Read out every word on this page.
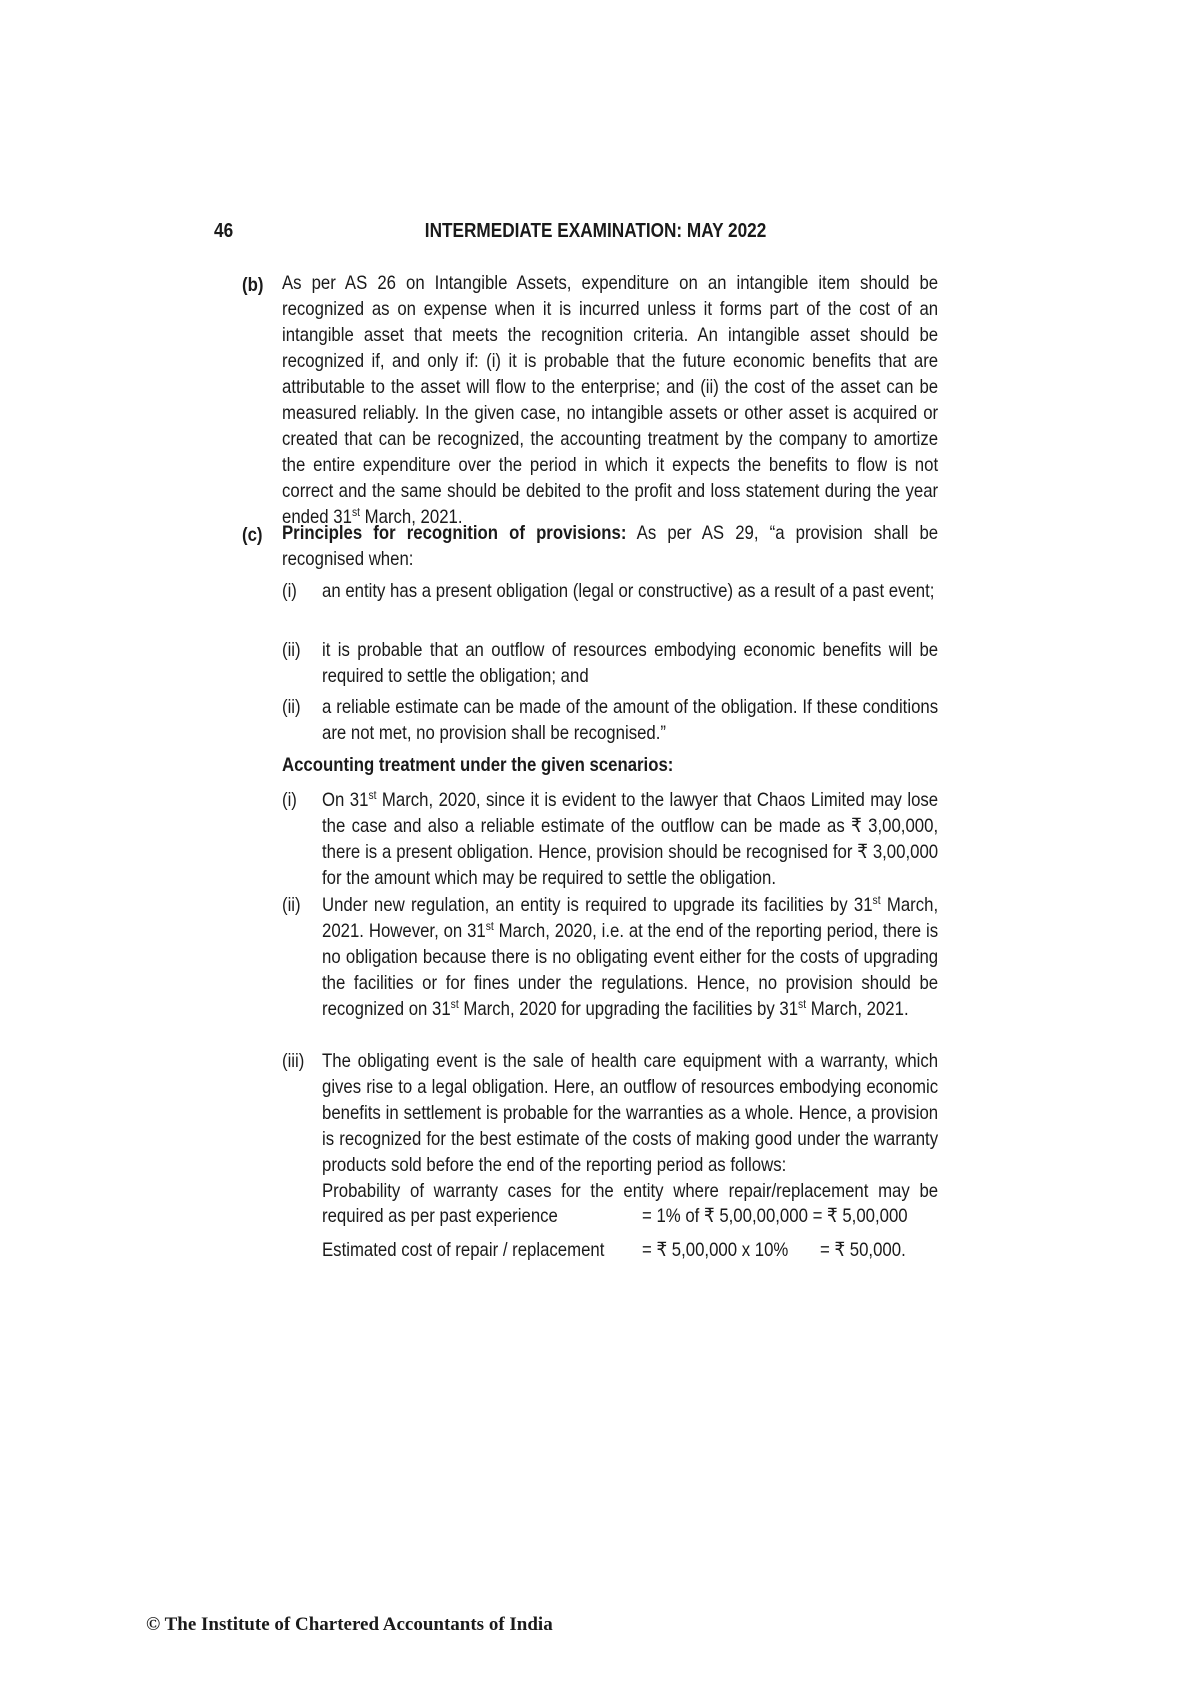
46	INTERMEDIATE EXAMINATION: MAY 2022
(b) As per AS 26 on Intangible Assets, expenditure on an intangible item should be recognized as on expense when it is incurred unless it forms part of the cost of an intangible asset that meets the recognition criteria. An intangible asset should be recognized if, and only if: (i) it is probable that the future economic benefits that are attributable to the asset will flow to the enterprise; and (ii) the cost of the asset can be measured reliably. In the given case, no intangible assets or other asset is acquired or created that can be recognized, the accounting treatment by the company to amortize the entire expenditure over the period in which it expects the benefits to flow is not correct and the same should be debited to the profit and loss statement during the year ended 31st March, 2021.
(c) Principles for recognition of provisions: As per AS 29, “a provision shall be recognised when:
(i) an entity has a present obligation (legal or constructive) as a result of a past event;
(ii) it is probable that an outflow of resources embodying economic benefits will be required to settle the obligation; and
(ii) a reliable estimate can be made of the amount of the obligation. If these conditions are not met, no provision shall be recognised.”
Accounting treatment under the given scenarios:
(i) On 31st March, 2020, since it is evident to the lawyer that Chaos Limited may lose the case and also a reliable estimate of the outflow can be made as ₹ 3,00,000, there is a present obligation. Hence, provision should be recognised for ₹ 3,00,000 for the amount which may be required to settle the obligation.
(ii) Under new regulation, an entity is required to upgrade its facilities by 31st March, 2021. However, on 31st March, 2020, i.e. at the end of the reporting period, there is no obligation because there is no obligating event either for the costs of upgrading the facilities or for fines under the regulations. Hence, no provision should be recognized on 31st March, 2020 for upgrading the facilities by 31st March, 2021.
(iii) The obligating event is the sale of health care equipment with a warranty, which gives rise to a legal obligation. Here, an outflow of resources embodying economic benefits in settlement is probable for the warranties as a whole. Hence, a provision is recognized for the best estimate of the costs of making good under the warranty products sold before the end of the reporting period as follows:
Probability of warranty cases for the entity where repair/replacement may be
required as per past experience	= 1% of ₹ 5,00,00,000 = ₹ 5,00,000
Estimated cost of repair / replacement	= ₹ 5,00,000 x 10%	= ₹ 50,000.
© The Institute of Chartered Accountants of India
